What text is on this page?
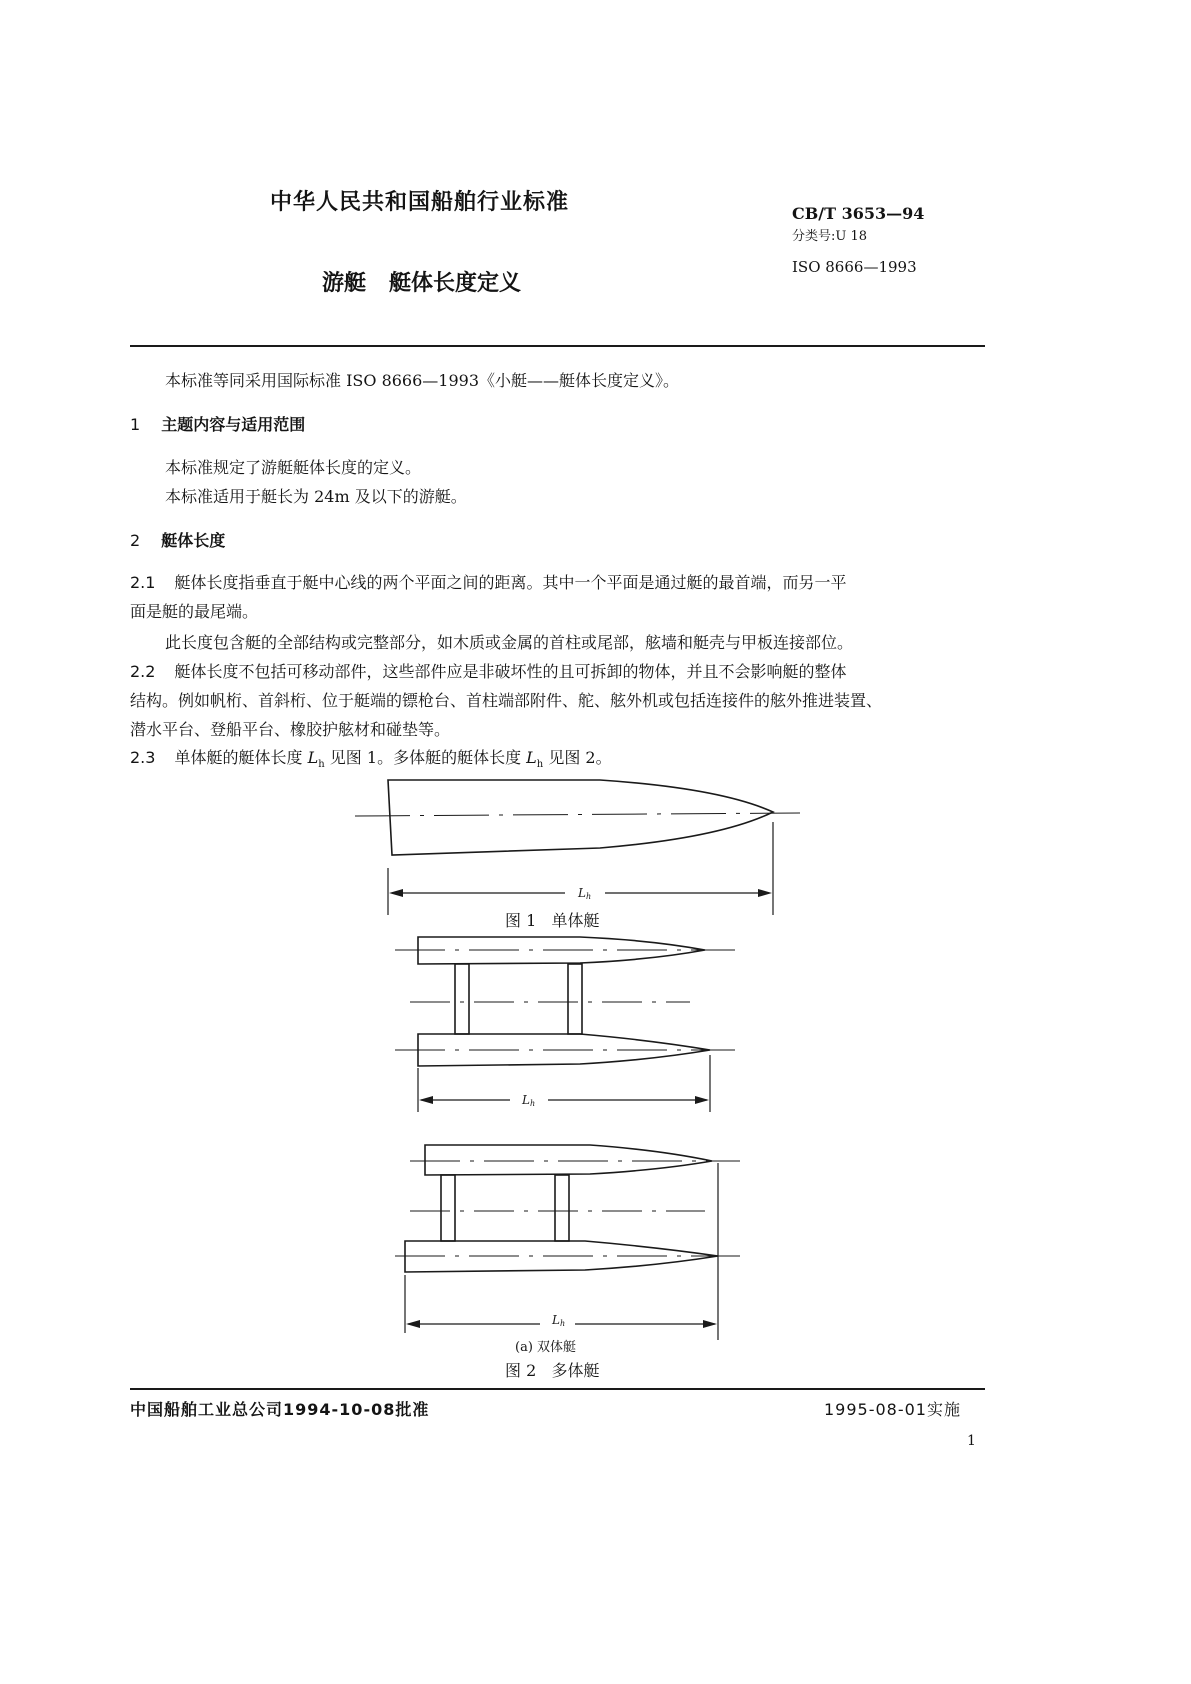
中华人民共和国船舶行业标准
游艇   艇体长度定义
CB/T 3653—94
分类号:U 18
ISO 8666—1993
本标准等同采用国际标准 ISO 8666—1993《小艇——艇体长度定义》。
1 主题内容与适用范围
本标准规定了游艇艇体长度的定义。
本标准适用于艇长为 24m 及以下的游艇。
2 艇体长度
2.1 艇体长度指垂直于艇中心线的两个平面之间的距离。其中一个平面是通过艇的最首端，而另一平
面是艇的最尾端。
此长度包含艇的全部结构或完整部分，如木质或金属的首柱或尾部，舷墙和艇壳与甲板连接部位。
2.2 艇体长度不包括可移动部件，这些部件应是非破坏性的且可拆卸的物体，并且不会影响艇的整体
结构。例如帆桁、首斜桁、位于艇端的镖枪台、首柱端部附件、舵、舷外机或包括连接件的舷外推进装置、
潜水平台、登船平台、橡胶护舷材和碰垫等。
2.3 单体艇的艇体长度 $L_h$ 见图 1。多体艇的艇体长度 $L_h$ 见图 2。
Lh
Lh
Lh
图 1   单体艇
(a) 双体艇
图 2   多体艇
中国船舶工业总公司1994-10-08批准	1995-08-01实施
1
